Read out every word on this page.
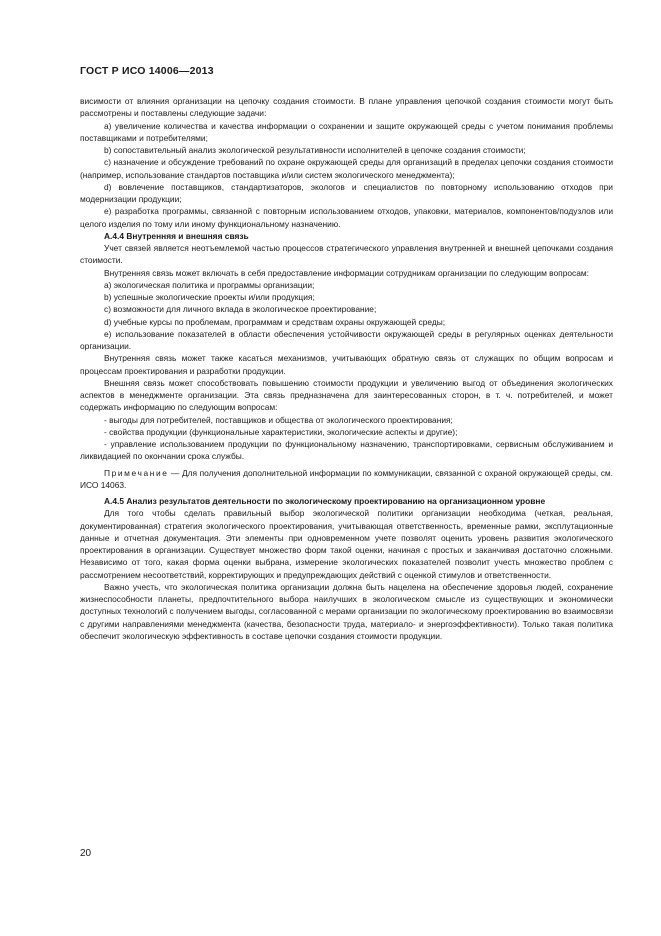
ГОСТ Р ИСО 14006—2013

висимости от влияния организации на цепочку создания стоимости. В плане управления цепочкой создания стоимости могут быть рассмотрены и поставлены следующие задачи:

a) увеличение количества и качества информации о сохранении и защите окружающей среды с учетом понимания проблемы поставщиками и потребителями;

b) сопоставительный анализ экологической результативности исполнителей в цепочке создания стоимости;

c) назначение и обсуждение требований по охране окружающей среды для организаций в пределах цепочки создания стоимости (например, использование стандартов поставщика и/или систем экологического менеджмента);

d) вовлечение поставщиков, стандартизаторов, экологов и специалистов по повторному использованию отходов при модернизации продукции;

e) разработка программы, связанной с повторным использованием отходов, упаковки, материалов, компонентов/подузлов или целого изделия по тому или иному функциональному назначению.

А.4.4 Внутренняя и внешняя связь

Учет связей является неотъемлемой частью процессов стратегического управления внутренней и внешней цепочками создания стоимости.

Внутренняя связь может включать в себя предоставление информации сотрудникам организации по следующим вопросам:

a) экологическая политика и программы организации;

b) успешные экологические проекты и/или продукция;

c) возможности для личного вклада в экологическое проектирование;

d) учебные курсы по проблемам, программам и средствам охраны окружающей среды;

e) использование показателей в области обеспечения устойчивости окружающей среды в регулярных оценках деятельности организации.

Внутренняя связь может также касаться механизмов, учитывающих обратную связь от служащих по общим вопросам и процессам проектирования и разработки продукции.

Внешняя связь может способствовать повышению стоимости продукции и увеличению выгод от объединения экологических аспектов в менеджменте организации. Эта связь предназначена для заинтересованных сторон, в т. ч. потребителей, и может содержать информацию по следующим вопросам:

- выгоды для потребителей, поставщиков и общества от экологического проектирования;

- свойства продукции (функциональные характеристики, экологические аспекты и другие);

- управление использованием продукции по функциональному назначению, транспортировками, сервисным обслуживанием и ликвидацией по окончании срока службы.

Примечание — Для получения дополнительной информации по коммуникации, связанной с охраной окружающей среды, см. ИСО 14063.

А.4.5 Анализ результатов деятельности по экологическому проектированию на организационном уровне

Для того чтобы сделать правильный выбор экологической политики организации необходима (четкая, реальная, документированная) стратегия экологического проектирования, учитывающая ответственность, временные рамки, эксплутационные данные и отчетная документация. Эти элементы при одновременном учете позволят оценить уровень развития экологического проектирования в организации. Существует множество форм такой оценки, начиная с простых и заканчивая достаточно сложными. Независимо от того, какая форма оценки выбрана, измерение экологических показателей позволит учесть множество проблем с рассмотрением несоответствий, корректирующих и предупреждающих действий с оценкой стимулов и ответственности.

Важно учесть, что экологическая политика организации должна быть нацелена на обеспечение здоровья людей, сохранение жизнеспособности планеты, предпочтительного выбора наилучших в экологическом смысле из существующих и экономически доступных технологий с получением выгоды, согласованной с мерами организации по экологическому проектированию во взаимосвязи с другими направлениями менеджмента (качества, безопасности труда, материало- и энергоэффективности). Только такая политика обеспечит экологическую эффективность в составе цепочки создания стоимости продукции.

20
